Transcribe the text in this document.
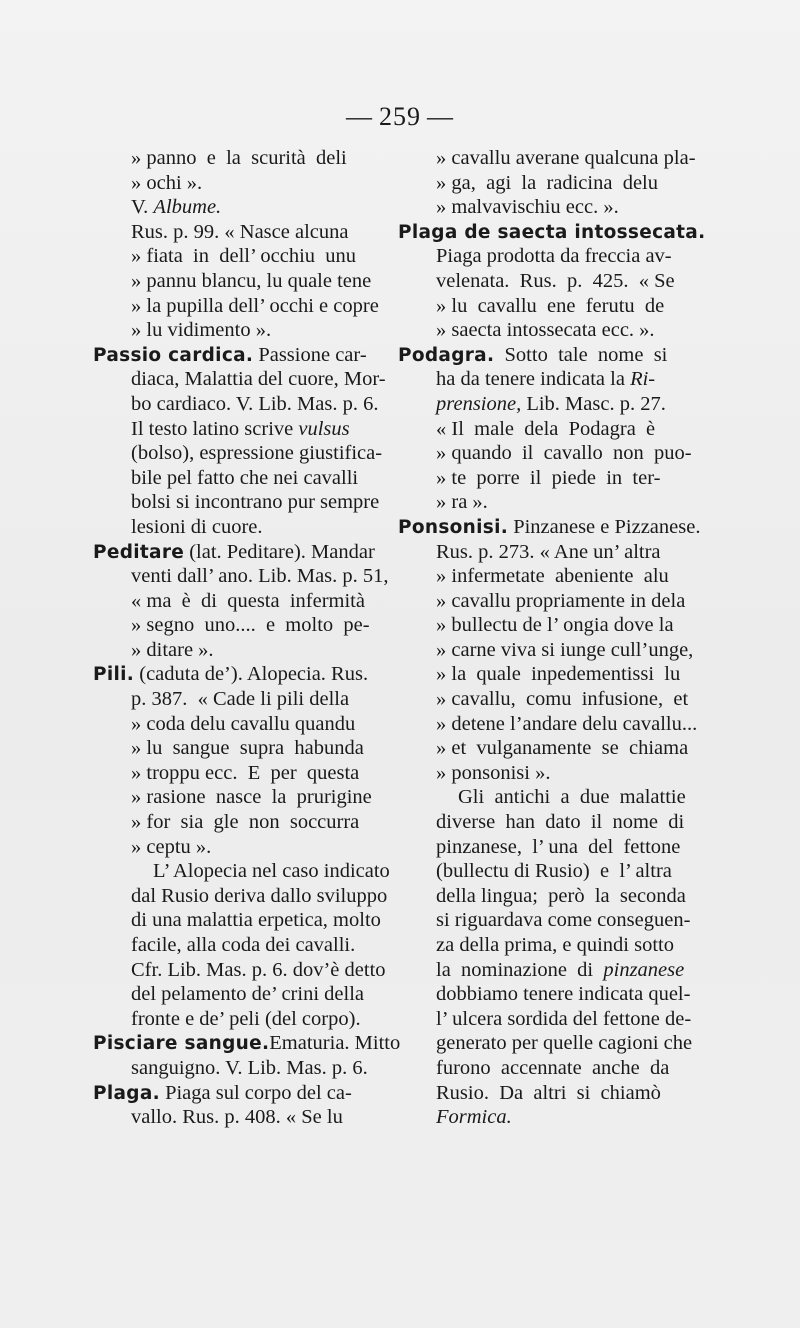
— 259 —
» panno  e  la  scurità  deli
» ochi ».
V. Albume.
Rus. p. 99. « Nasce alcuna
» fiata  in  dell’ occhiu  unu
» pannu blancu, lu quale tene
» la pupilla dell’ occhi e copre
» lu vidimento ».
Passio cardica. Passione car-
diaca, Malattia del cuore, Mor-
bo cardiaco. V. Lib. Mas. p. 6.
Il testo latino scrive vulsus
(bolso), espressione giustifica-
bile pel fatto che nei cavalli
bolsi si incontrano pur sempre
lesioni di cuore.
Peditare (lat. Peditare). Mandar
venti dall’ ano. Lib. Mas. p. 51,
« ma  è  di  questa  infermità
» segno  uno....  e  molto  pe-
» ditare ».
Pili. (caduta de’). Alopecia. Rus.
p. 387.  « Cade li pili della
» coda delu cavallu quandu
» lu  sangue  supra  habunda
» troppu ecc.  E  per  questa
» rasione  nasce  la  prurigine
» for  sia  gle  non  soccurra
» ceptu ».
L’ Alopecia nel caso indicato
dal Rusio deriva dallo sviluppo
di una malattia erpetica, molto
facile, alla coda dei cavalli.
Cfr. Lib. Mas. p. 6. dov’è detto
del pelamento de’ crini della
fronte e de’ peli (del corpo).
Pisciare sangue.Ematuria. Mitto
sanguigno. V. Lib. Mas. p. 6.
Plaga. Piaga sul corpo del ca-
vallo. Rus. p. 408. « Se lu
» cavallu averane qualcuna pla-
» ga,  agi  la  radicina  delu
» malvavischiu ecc. ».
Plaga de saecta intossecata.
Piaga prodotta da freccia av-
velenata.  Rus.  p.  425.  « Se
» lu  cavallu  ene  ferutu  de
» saecta intossecata ecc. ».
Podagra.  Sotto  tale  nome  si
ha da tenere indicata la Ri-
prensione, Lib. Masc. p. 27.
« Il  male  dela  Podagra  è
» quando  il  cavallo  non  puo-
» te  porre  il  piede  in  ter-
» ra ».
Ponsonisi. Pinzanese e Pizzanese.
Rus. p. 273. « Ane un’ altra
» infermetate  abeniente  alu
» cavallu propriamente in dela
» bullectu de l’ ongia dove la
» carne viva si iunge cull’unge,
» la  quale  inpedementissi  lu
» cavallu,  comu  infusione,  et
» detene l’andare delu cavallu...
» et  vulganamente  se  chiama
» ponsonisi ».
Gli  antichi  a  due  malattie
diverse  han  dato  il  nome  di
pinzanese,  l’ una  del  fettone
(bullectu di Rusio)  e  l’ altra
della lingua;  però  la  seconda
si riguardava come conseguen-
za della prima, e quindi sotto
la  nominazione  di  pinzanese
dobbiamo tenere indicata quel-
l’ ulcera sordida del fettone de-
generato per quelle cagioni che
furono  accennate  anche  da
Rusio.  Da  altri  si  chiamò
Formica.
